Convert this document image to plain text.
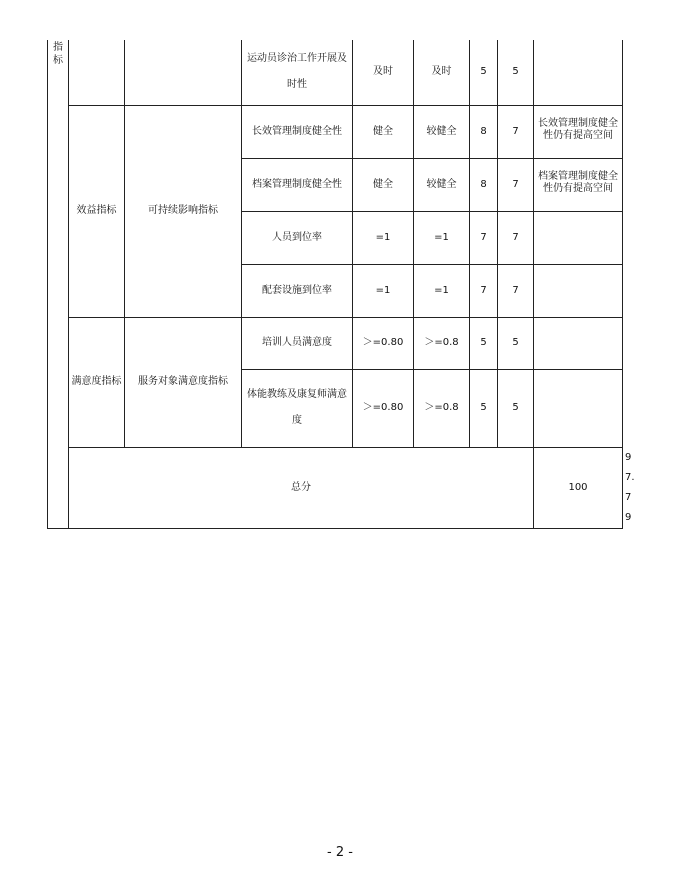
指标			运动员诊治工作开展及时性	及时	及时	5	5		
	效益指标	可持续影响指标	长效管理制度健全性	健全	较健全	8	7	长效管理制度健全性仍有提高空间	
			档案管理制度健全性	健全	较健全	8	7	档案管理制度健全性仍有提高空间	
			人员到位率	=1	=1	7	7		
			配套设施到位率	=1	=1	7	7		
	满意度指标	服务对象满意度指标	培训人员满意度	＞=0.80	＞=0.8	5	5		
			体能教练及康复师满意度	＞=0.80	＞=0.8	5	5		
	总分							100	97.79	
- 2 -
